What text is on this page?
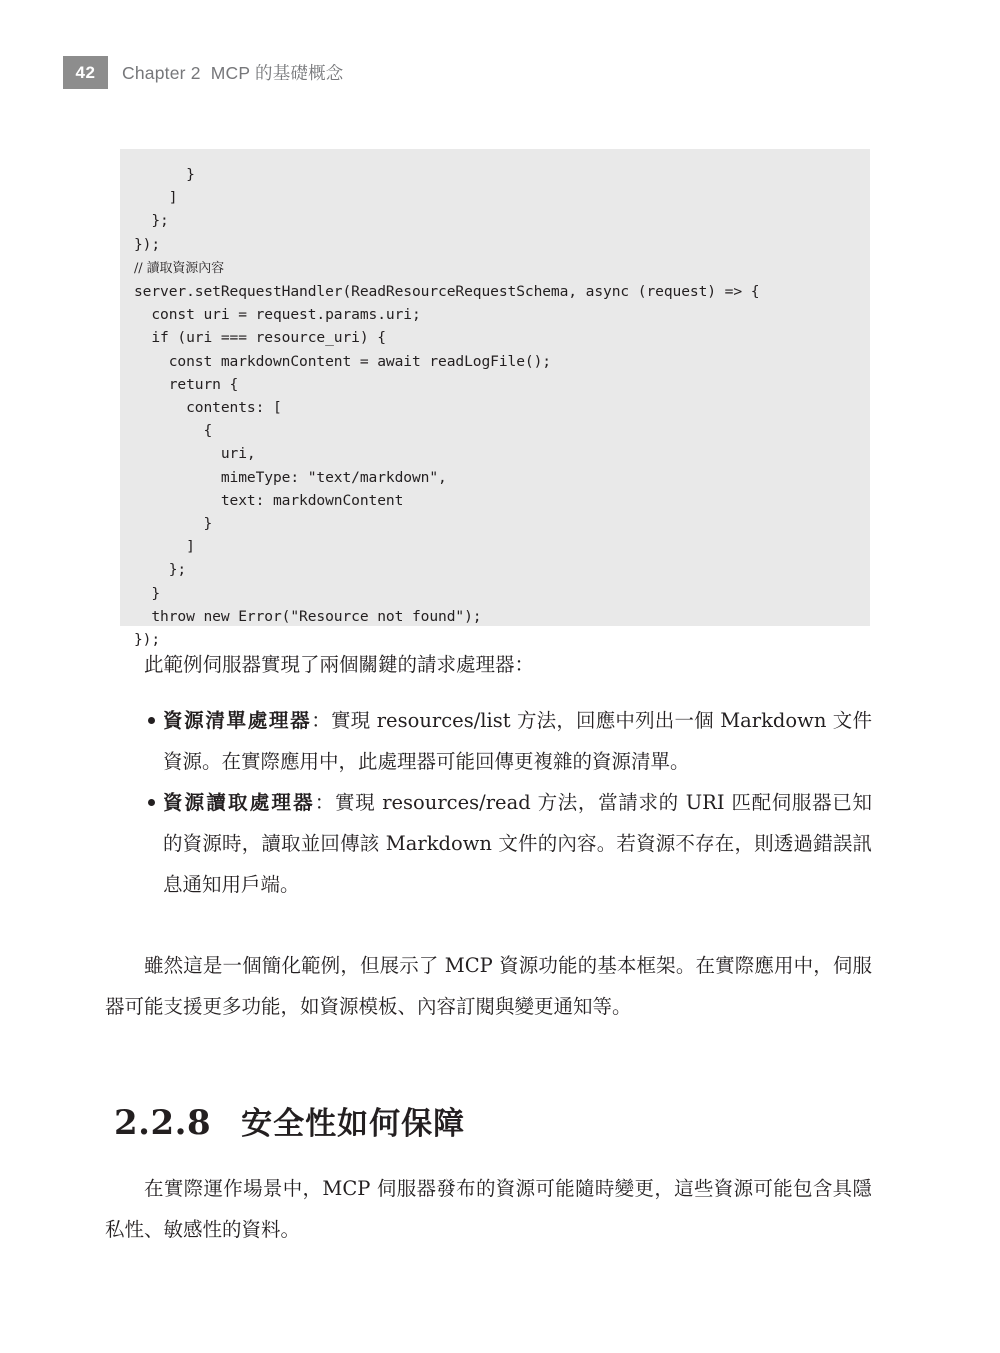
42	Chapter 2  MCP 的基礎概念
}
]
};
});
// 讀取資源內容
server.setRequestHandler(ReadResourceRequestSchema, async (request) => {
const uri = request.params.uri;
if (uri === resource_uri) {
const markdownContent = await readLogFile();
return {
contents: [
{
uri,
mimeType: "text/markdown",
text: markdownContent
}
]
};
}
throw new Error("Resource not found");
});
此範例伺服器實現了兩個關鍵的請求處理器：
資源清單處理器：實現 resources/list 方法，回應中列出一個 Markdown 文件資源。在實際應用中，此處理器可能回傳更複雜的資源清單。
資源讀取處理器：實現 resources/read 方法，當請求的 URI 匹配伺服器已知的資源時，讀取並回傳該 Markdown 文件的內容。若資源不存在，則透過錯誤訊息通知用戶端。
雖然這是一個簡化範例，但展示了 MCP 資源功能的基本框架。在實際應用中，伺服器可能支援更多功能，如資源模板、內容訂閱與變更通知等。
2.2.8 安全性如何保障
在實際運作場景中，MCP 伺服器發布的資源可能隨時變更，這些資源可能包含具隱私性、敏感性的資料。
